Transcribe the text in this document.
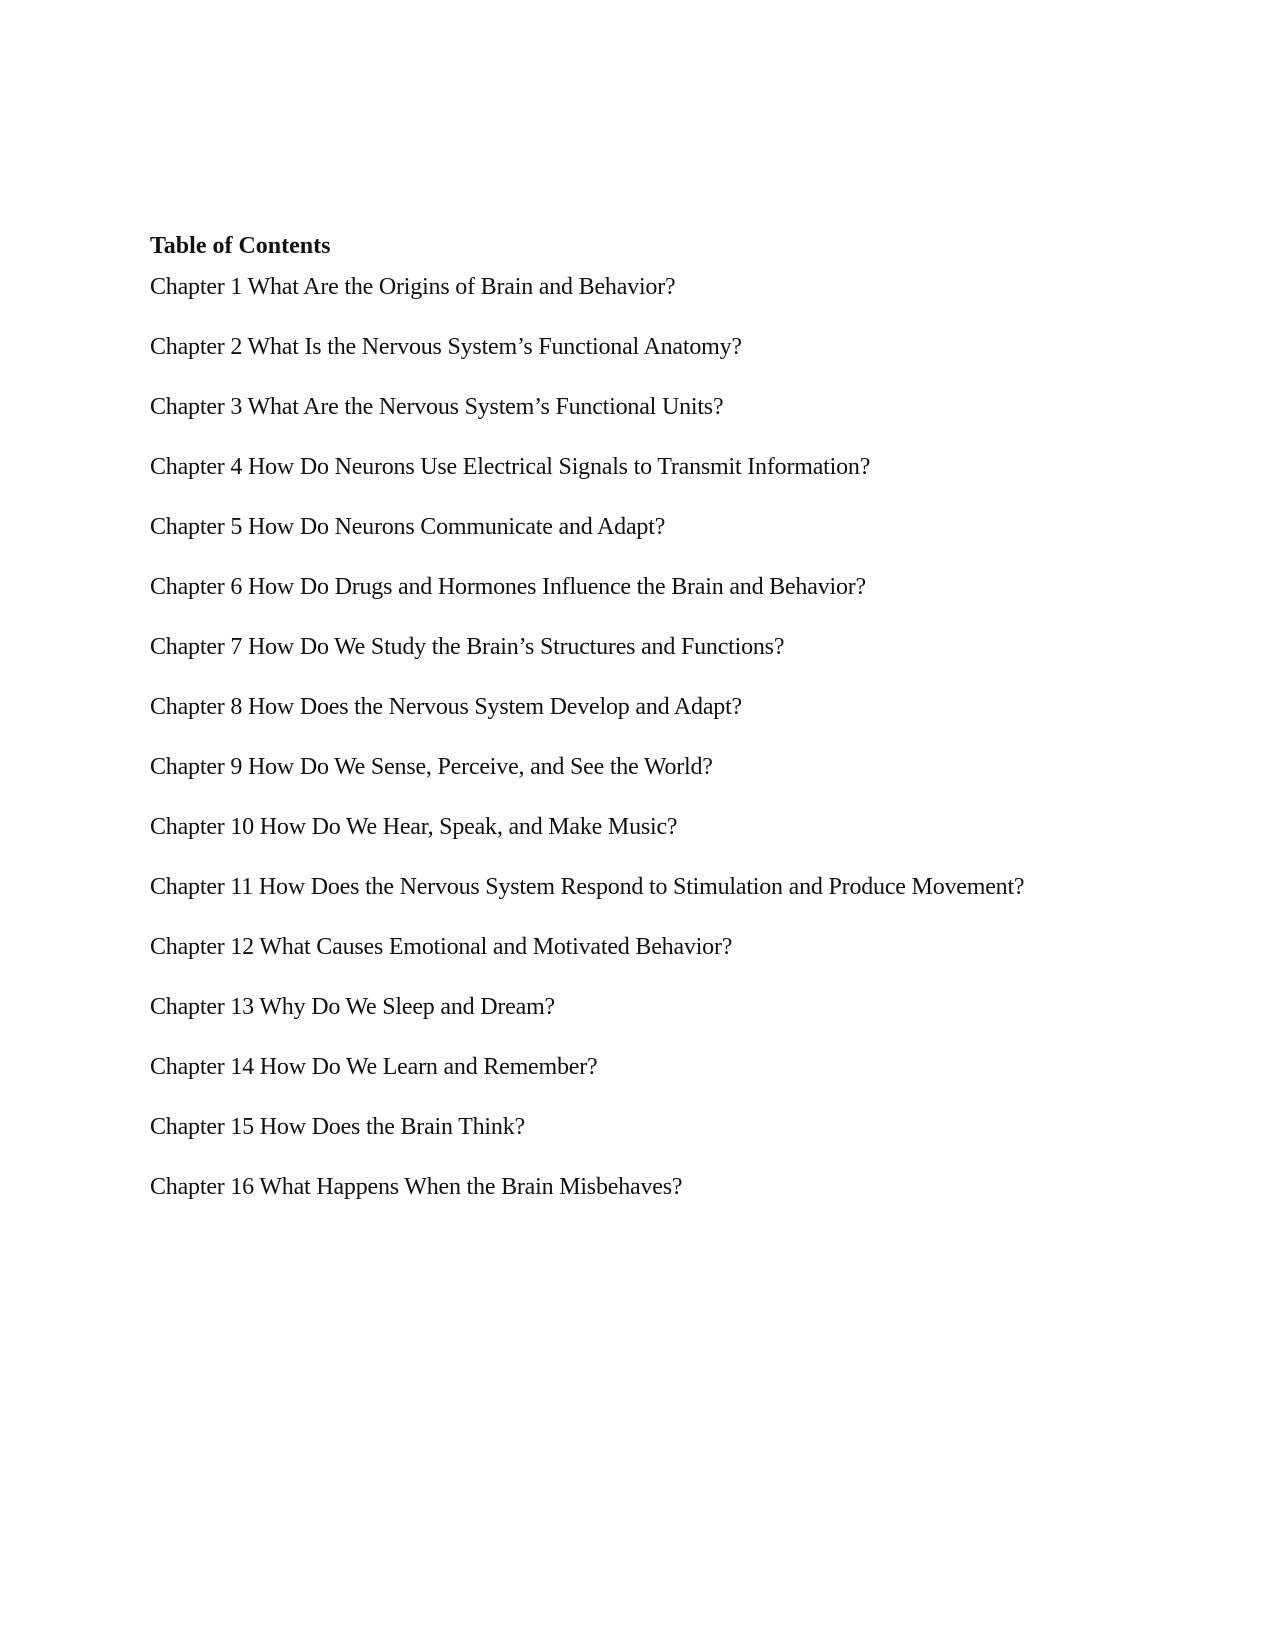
Table of Contents
Chapter 1 What Are the Origins of Brain and Behavior?
Chapter 2 What Is the Nervous System’s Functional Anatomy?
Chapter 3 What Are the Nervous System’s Functional Units?
Chapter 4 How Do Neurons Use Electrical Signals to Transmit Information?
Chapter 5 How Do Neurons Communicate and Adapt?
Chapter 6 How Do Drugs and Hormones Influence the Brain and Behavior?
Chapter 7 How Do We Study the Brain’s Structures and Functions?
Chapter 8 How Does the Nervous System Develop and Adapt?
Chapter 9 How Do We Sense, Perceive, and See the World?
Chapter 10 How Do We Hear, Speak, and Make Music?
Chapter 11 How Does the Nervous System Respond to Stimulation and Produce Movement?
Chapter 12 What Causes Emotional and Motivated Behavior?
Chapter 13 Why Do We Sleep and Dream?
Chapter 14 How Do We Learn and Remember?
Chapter 15 How Does the Brain Think?
Chapter 16 What Happens When the Brain Misbehaves?
